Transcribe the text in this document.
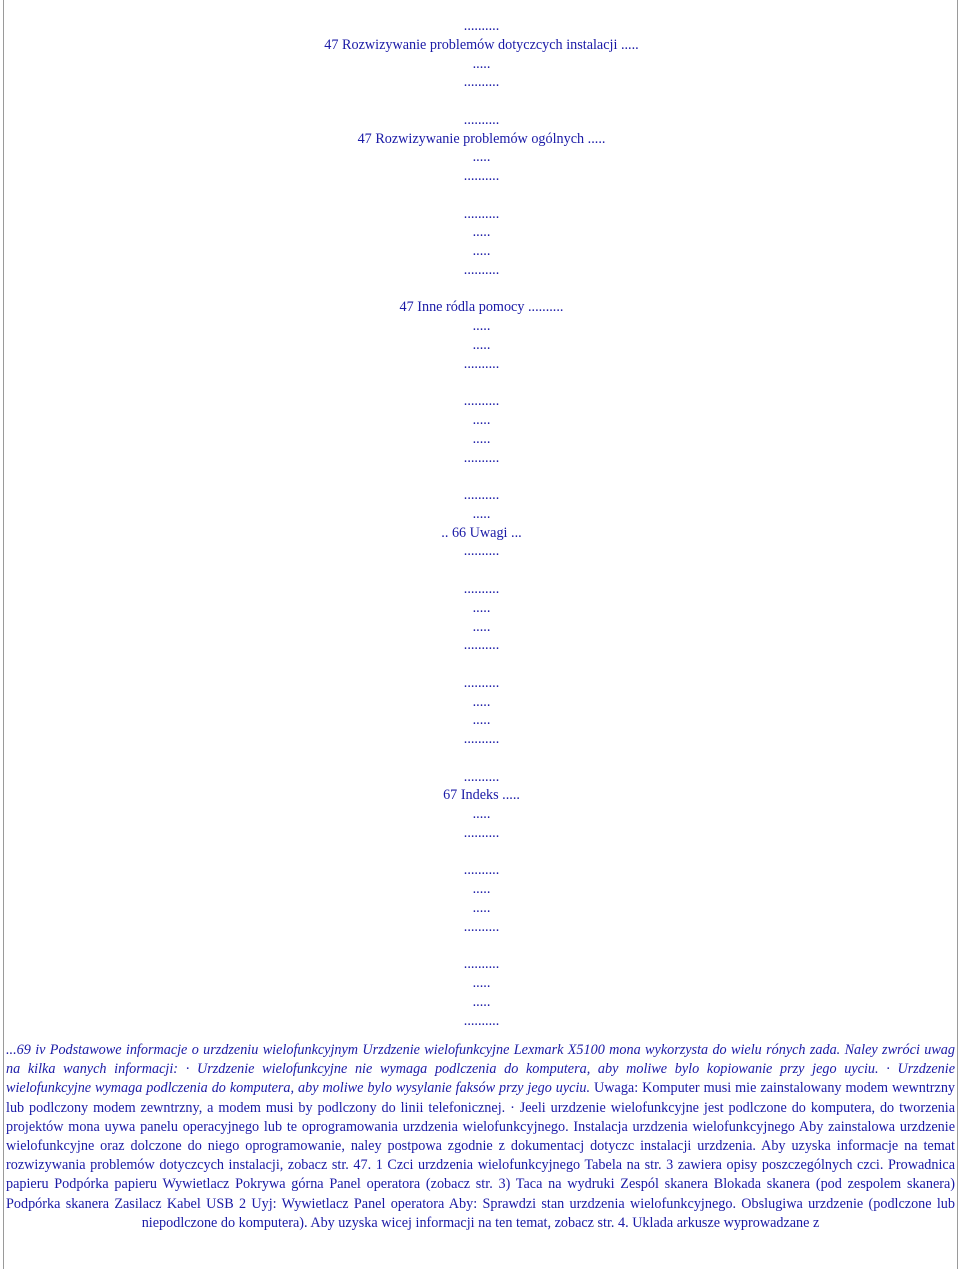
..........
47 Rozwizywanie problemów dotyczcych instalacji .....
.....
..........
..........
47 Rozwizywanie problemów ogólnych .....
.....
..........
..........
.....
.....
..........
47 Inne ródla pomocy ..........
.....
.....
..........
..........
.....
.....
..........
..........
.....
.. 66 Uwagi ...
..........
..........
.....
.....
..........
..........
.....
.....
..........
..........
67 Indeks .....
.....
..........
..........
.....
.....
..........
..........
.....
.....
..........

...69 iv Podstawowe informacje o urzdzeniu wielofunkcyjnym Urzdzenie wielofunkcyjne Lexmark X5100 mona wykorzysta do wielu rónych zada. Naley zwróci uwag na kilka wanych informacji: · Urzdzenie wielofunkcyjne nie wymaga podlczenia do komputera, aby moliwe bylo kopiowanie przy jego uyciu. · Urzdzenie wielofunkcyjne wymaga podlczenia do komputera, aby moliwe bylo wysylanie faksów przy jego uyciu. Uwaga: Komputer musi mie zainstalowany modem wewntrzny lub podlczony modem zewntrzny, a modem musi by podlczony do linii telefonicznej. · Jeeli urzdzenie wielofunkcyjne jest podlczone do komputera, do tworzenia projektów mona uywa panelu operacyjnego lub te oprogramowania urzdzenia wielofunkcyjnego. Instalacja urzdzenia wielofunkcyjnego Aby zainstalowa urzdzenie wielofunkcyjne oraz dolczone do niego oprogramowanie, naley postpowa zgodnie z dokumentacj dotyczc instalacji urzdzenia. Aby uzyska informacje na temat rozwizywania problemów dotyczcych instalacji, zobacz str. 47. 1 Czci urzdzenia wielofunkcyjnego Tabela na str. 3 zawiera opisy poszczególnych czci. Prowadnica papieru Podpórka papieru Wywietlacz Pokrywa górna Panel operatora (zobacz str. 3) Taca na wydruki Zespól skanera Blokada skanera (pod zespolem skanera) Podpórka skanera Zasilacz Kabel USB 2 Uyj: Wywietlacz Panel operatora Aby: Sprawdzi stan urzdzenia wielofunkcyjnego. Obslugiwa urzdzenie (podlczone lub niepodlczone do komputera). Aby uzyska wicej informacji na ten temat, zobacz str. 4. Uklada arkusze wyprowadzane z
